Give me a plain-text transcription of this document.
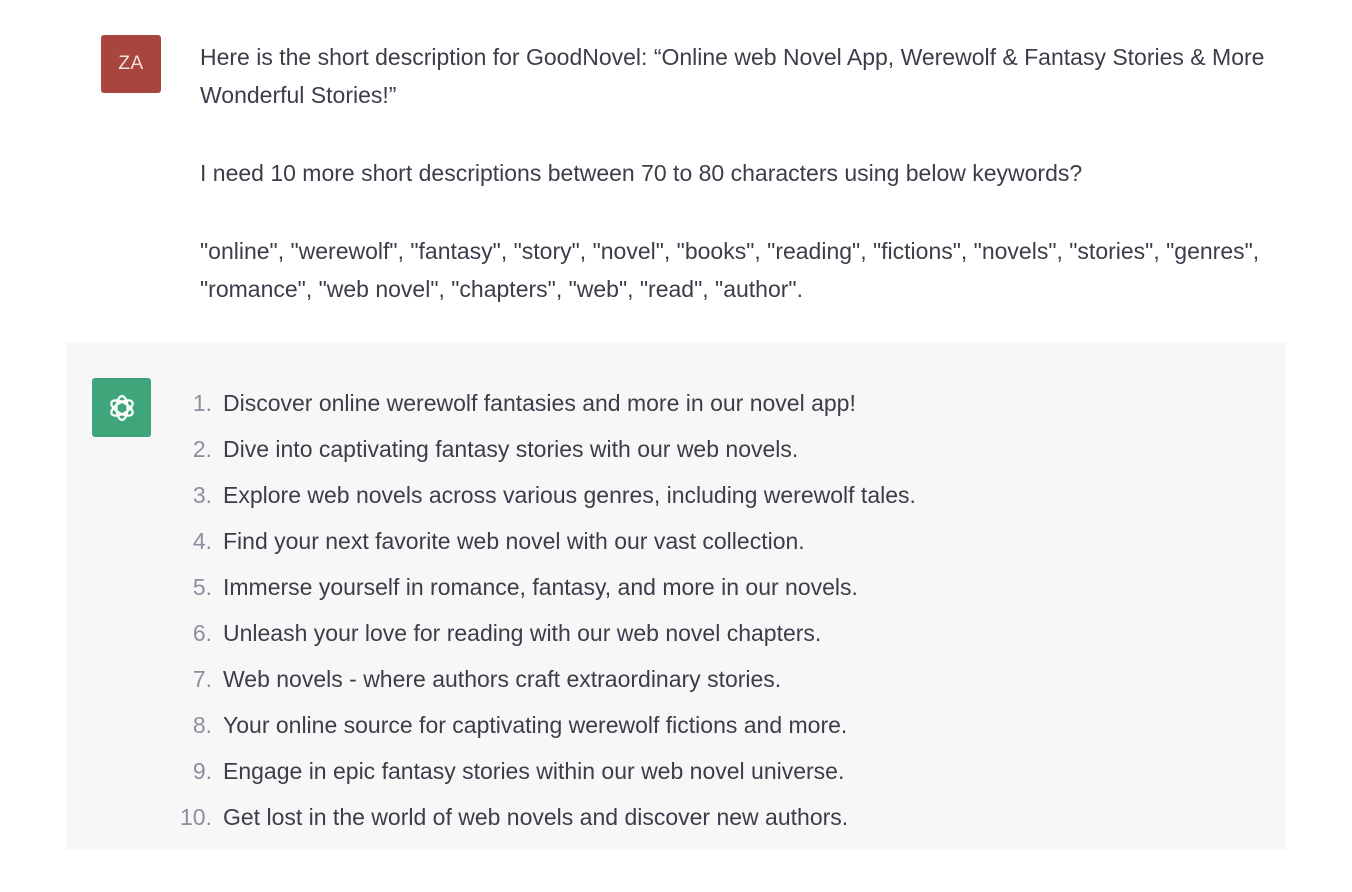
ZA Here is the short description for GoodNovel: “Online web Novel App, Werewolf & Fantasy Stories & More Wonderful Stories!”

I need 10 more short descriptions between 70 to 80 characters using below keywords?

"online", "werewolf", "fantasy", "story", "novel", "books", "reading", "fictions", "novels", "stories", "genres", "romance", "web novel", "chapters", "web", "read", "author".

1. Discover online werewolf fantasies and more in our novel app!
2. Dive into captivating fantasy stories with our web novels.
3. Explore web novels across various genres, including werewolf tales.
4. Find your next favorite web novel with our vast collection.
5. Immerse yourself in romance, fantasy, and more in our novels.
6. Unleash your love for reading with our web novel chapters.
7. Web novels - where authors craft extraordinary stories.
8. Your online source for captivating werewolf fictions and more.
9. Engage in epic fantasy stories within our web novel universe.
10. Get lost in the world of web novels and discover new authors.
